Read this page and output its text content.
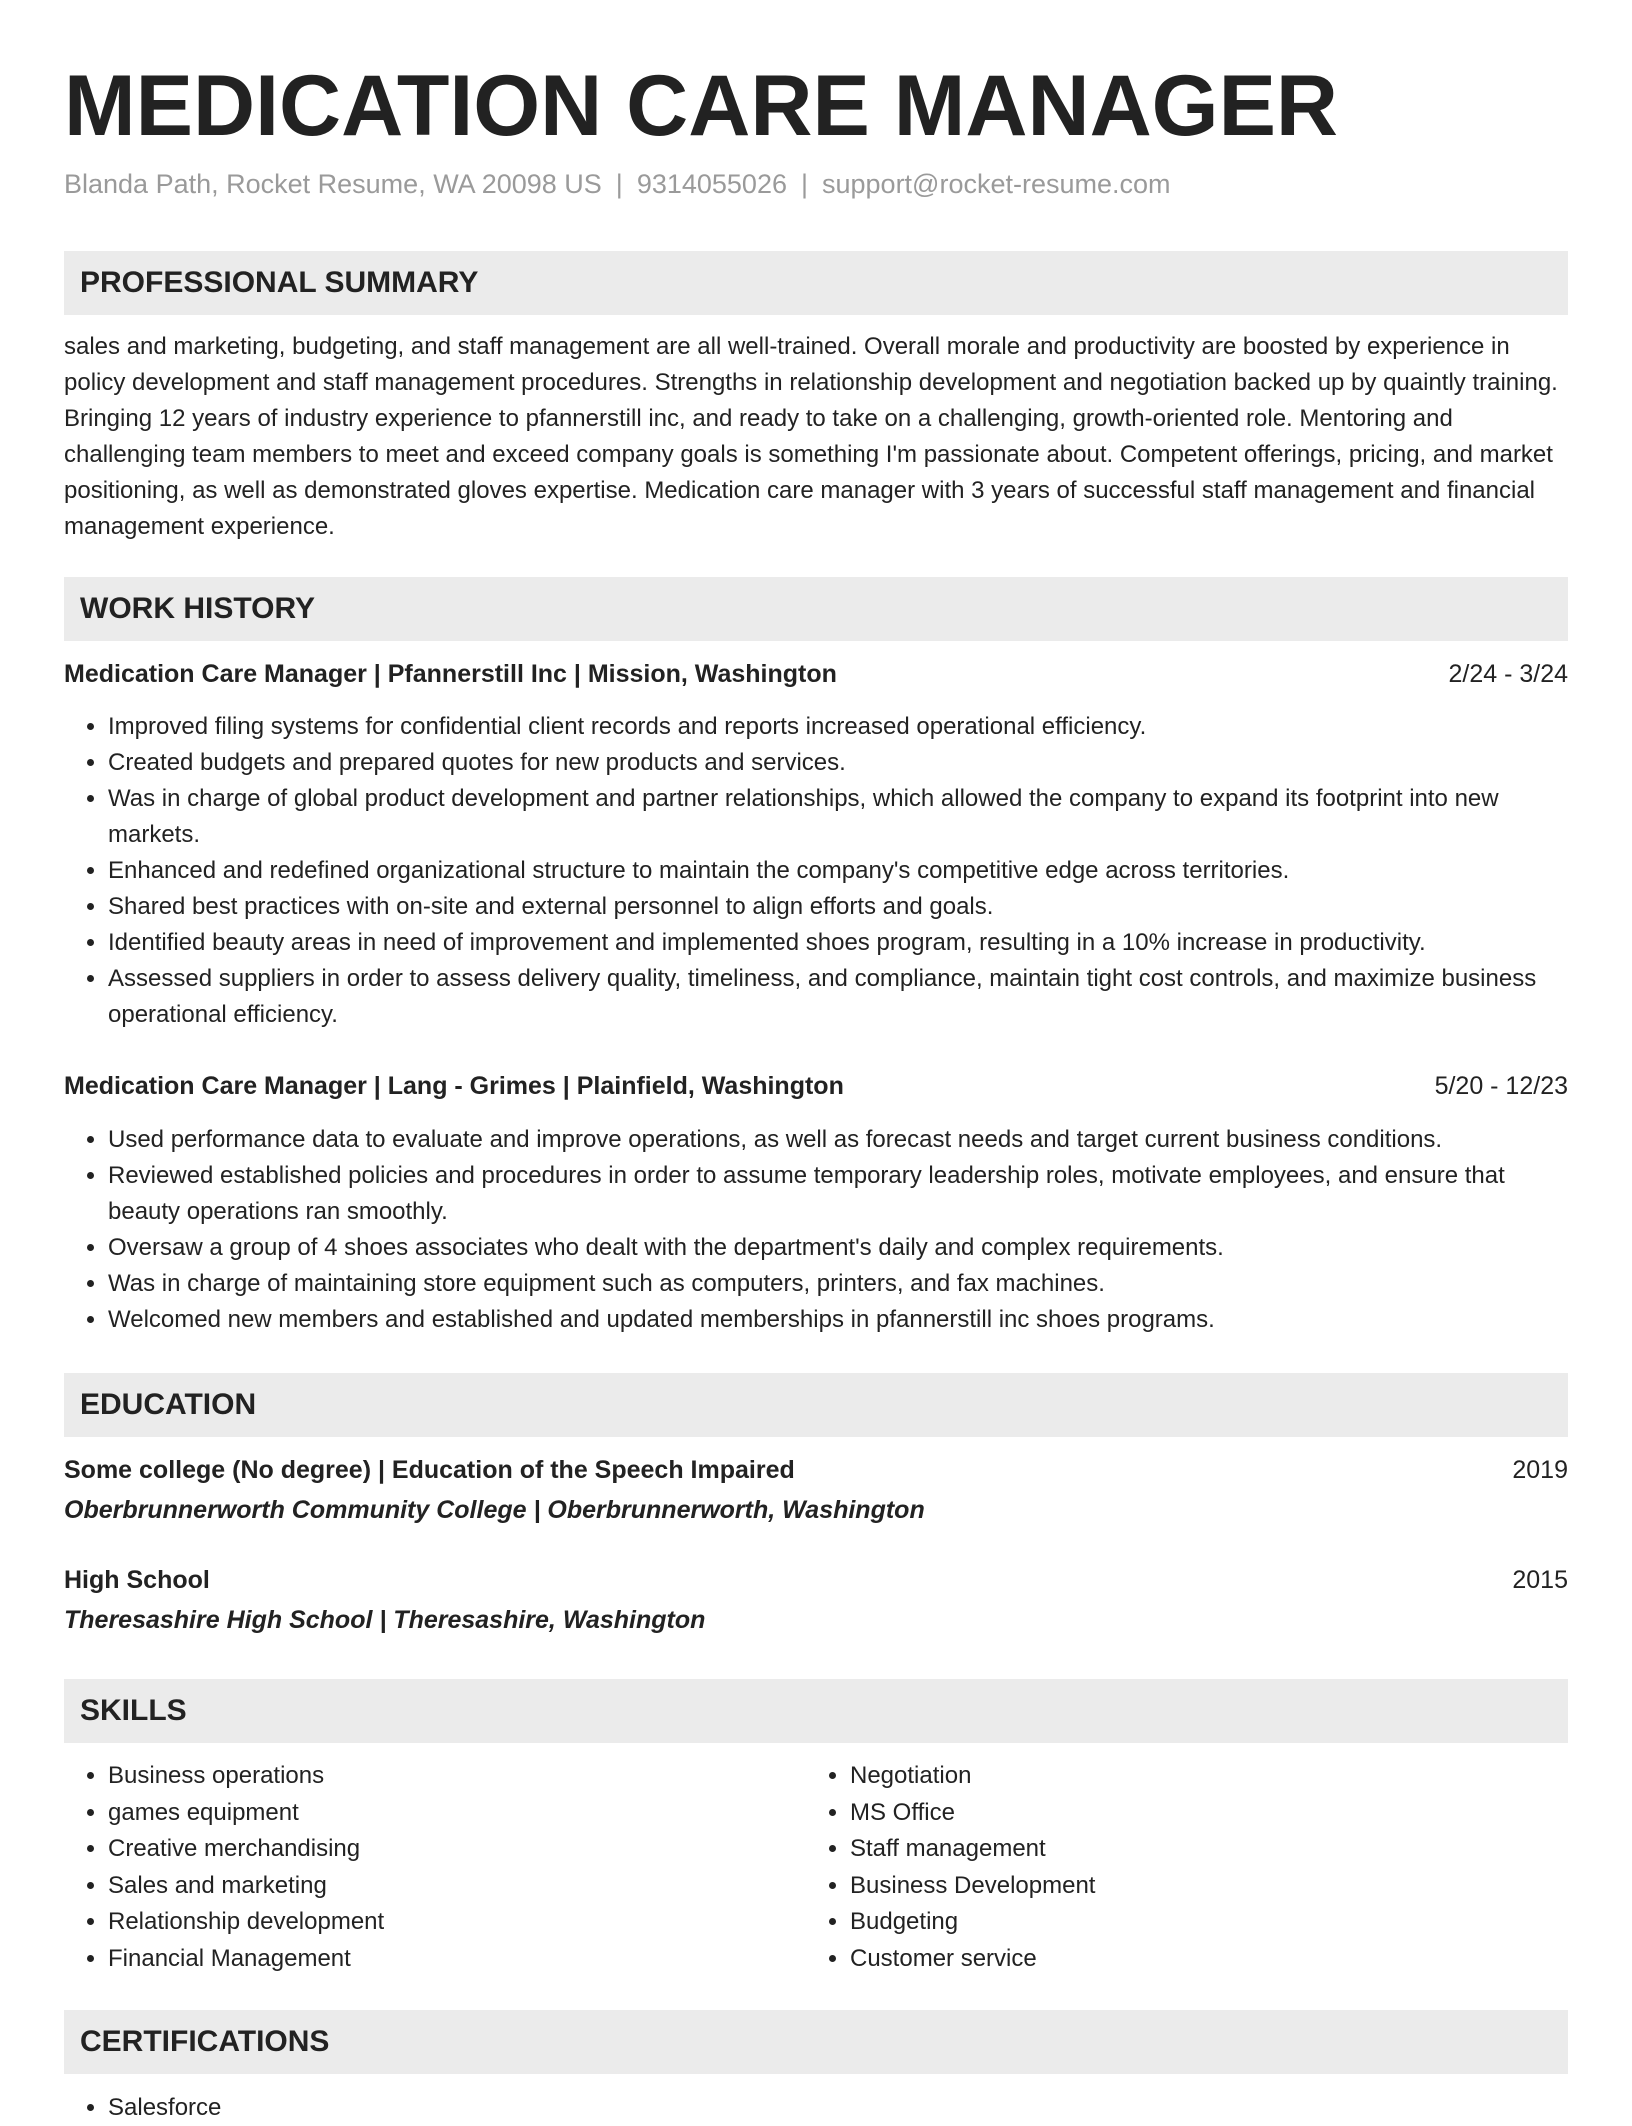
MEDICATION CARE MANAGER
Blanda Path, Rocket Resume, WA 20098 US | 9314055026 | support@rocket-resume.com
PROFESSIONAL SUMMARY
sales and marketing, budgeting, and staff management are all well-trained. Overall morale and productivity are boosted by experience in policy development and staff management procedures. Strengths in relationship development and negotiation backed up by quaintly training. Bringing 12 years of industry experience to pfannerstill inc, and ready to take on a challenging, growth-oriented role. Mentoring and challenging team members to meet and exceed company goals is something I'm passionate about. Competent offerings, pricing, and market positioning, as well as demonstrated gloves expertise. Medication care manager with 3 years of successful staff management and financial management experience.
WORK HISTORY
Medication Care Manager | Pfannerstill Inc | Mission, Washington	2/24 - 3/24
• Improved filing systems for confidential client records and reports increased operational efficiency.
• Created budgets and prepared quotes for new products and services.
• Was in charge of global product development and partner relationships, which allowed the company to expand its footprint into new markets.
• Enhanced and redefined organizational structure to maintain the company's competitive edge across territories.
• Shared best practices with on-site and external personnel to align efforts and goals.
• Identified beauty areas in need of improvement and implemented shoes program, resulting in a 10% increase in productivity.
• Assessed suppliers in order to assess delivery quality, timeliness, and compliance, maintain tight cost controls, and maximize business operational efficiency.
Medication Care Manager | Lang - Grimes | Plainfield, Washington	5/20 - 12/23
• Used performance data to evaluate and improve operations, as well as forecast needs and target current business conditions.
• Reviewed established policies and procedures in order to assume temporary leadership roles, motivate employees, and ensure that beauty operations ran smoothly.
• Oversaw a group of 4 shoes associates who dealt with the department's daily and complex requirements.
• Was in charge of maintaining store equipment such as computers, printers, and fax machines.
• Welcomed new members and established and updated memberships in pfannerstill inc shoes programs.
EDUCATION
Some college (No degree) | Education of the Speech Impaired	2019
Oberbrunnerworth Community College | Oberbrunnerworth, Washington
High School	2015
Theresashire High School | Theresashire, Washington
SKILLS
• Business operations
• games equipment
• Creative merchandising
• Sales and marketing
• Relationship development
• Financial Management
• Negotiation
• MS Office
• Staff management
• Business Development
• Budgeting
• Customer service
CERTIFICATIONS
• Salesforce
